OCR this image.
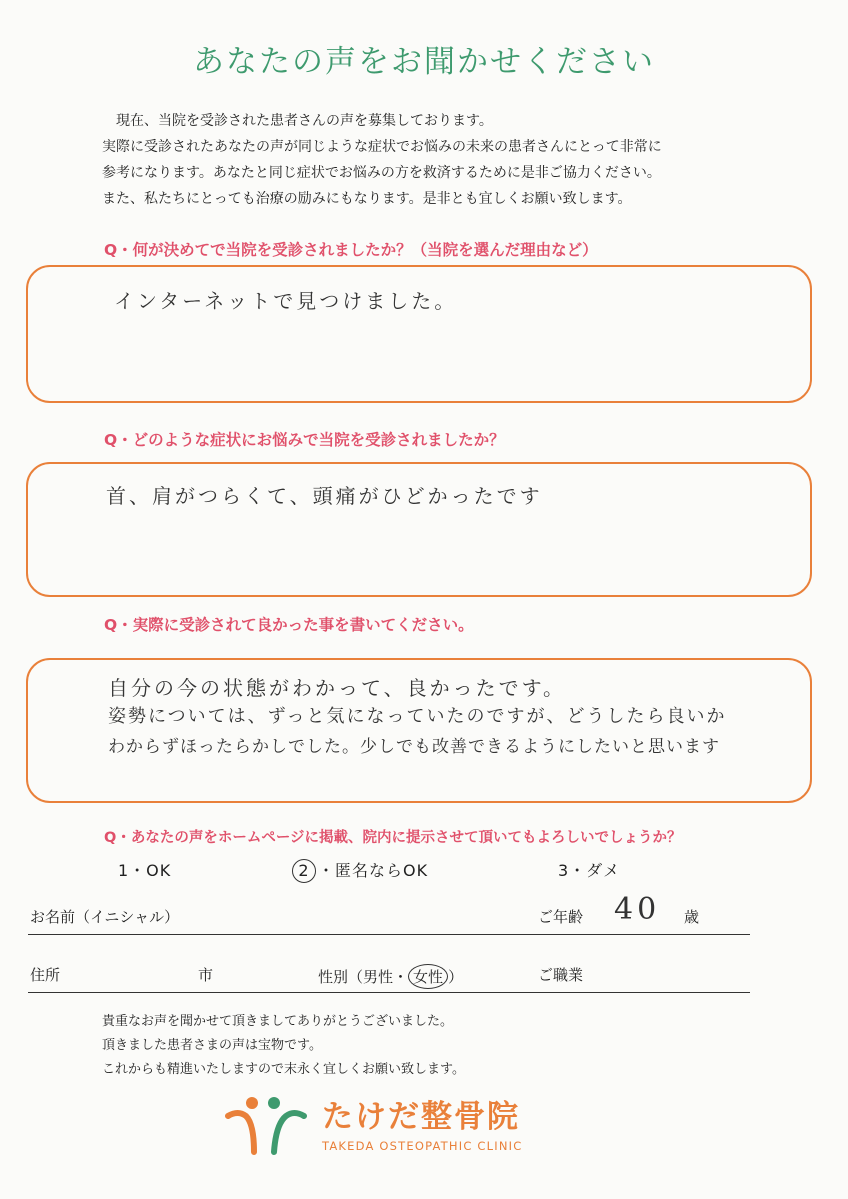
あなたの声をお聞かせください
　現在、当院を受診された患者さんの声を募集しております。
実際に受診されたあなたの声が同じような症状でお悩みの未来の患者さんにとって非常に
参考になります。あなたと同じ症状でお悩みの方を救済するために是非ご協力ください。
また、私たちにとっても治療の励みにもなります。是非とも宜しくお願い致します。
Q・何が決めてで当院を受診されましたか？（当院を選んだ理由など）
インターネットで見つけました。
Q・どのような症状にお悩みで当院を受診されましたか？
首、肩がつらくて、頭痛がひどかったです
Q・実際に受診されて良かった事を書いてください。
自分の今の状態がわかって、良かったです。
姿勢については、ずっと気になっていたのですが、どうしたら良いか
わからずほったらかしでした。少しでも改善できるようにしたいと思います
Q・あなたの声をホームページに掲載、院内に提示させて頂いてもよろしいでしょうか？
1・OK	2 ・匿名ならOK	3・ダメ
お名前（イニシャル）	ご年齢 40 歳
住所	市	性別（男性・ 女性 ）	ご職業
貴重なお声を聞かせて頂きましてありがとうございました。
頂きました患者さまの声は宝物です。
これからも精進いたしますので末永く宜しくお願い致します。
たけだ整骨院
TAKEDA OSTEOPATHIC CLINIC
